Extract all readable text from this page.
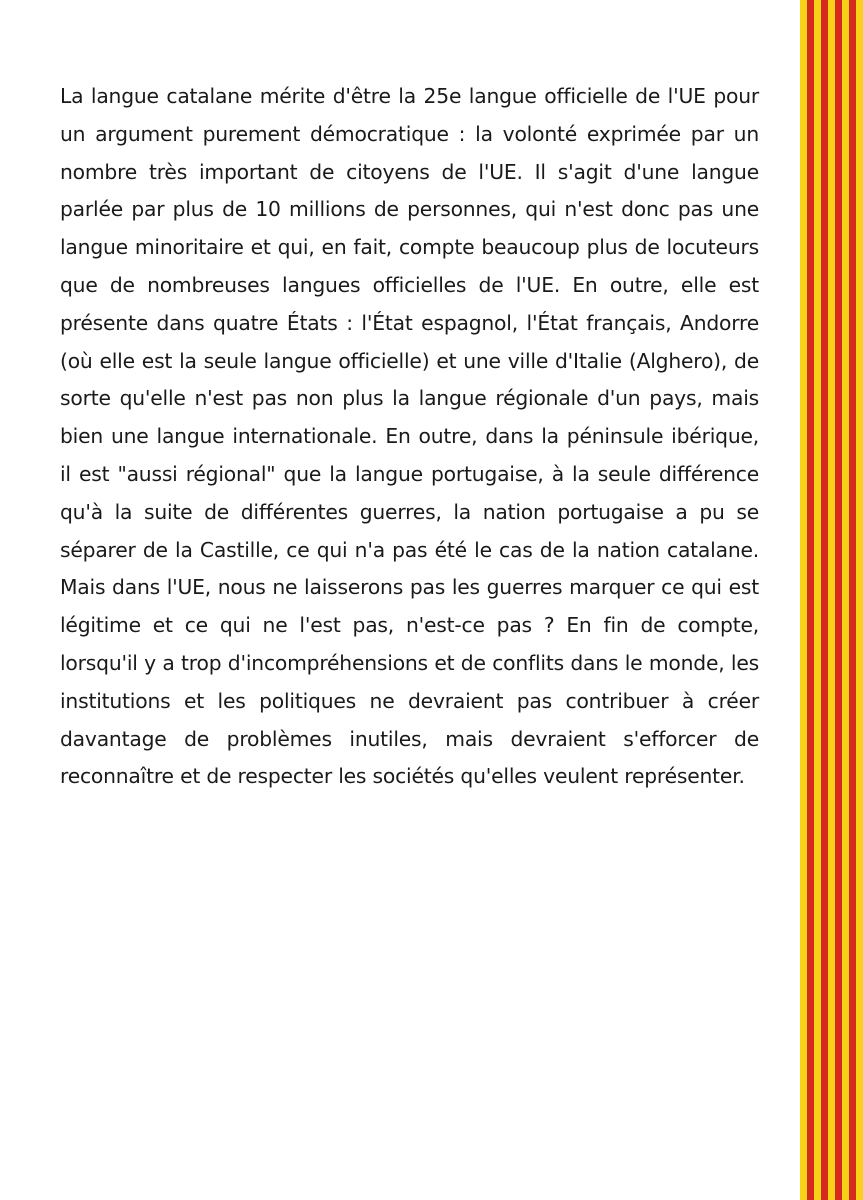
La langue catalane mérite d'être la 25e langue officielle de l'UE pour un argument purement démocratique : la volonté exprimée par un nombre très important de citoyens de l'UE. Il s'agit d'une langue parlée par plus de 10 millions de personnes, qui n'est donc pas une langue minoritaire et qui, en fait, compte beaucoup plus de locuteurs que de nombreuses langues officielles de l'UE. En outre, elle est présente dans quatre États : l'État espagnol, l'État français, Andorre (où elle est la seule langue officielle) et une ville d'Italie (Alghero), de sorte qu'elle n'est pas non plus la langue régionale d'un pays, mais bien une langue internationale. En outre, dans la péninsule ibérique, il est "aussi régional" que la langue portugaise, à la seule différence qu'à la suite de différentes guerres, la nation portugaise a pu se séparer de la Castille, ce qui n'a pas été le cas de la nation catalane. Mais dans l'UE, nous ne laisserons pas les guerres marquer ce qui est légitime et ce qui ne l'est pas, n'est-ce pas ? En fin de compte, lorsqu'il y a trop d'incompréhensions et de conflits dans le monde, les institutions et les politiques ne devraient pas contribuer à créer davantage de problèmes inutiles, mais devraient s'efforcer de reconnaître et de respecter les sociétés qu'elles veulent représenter.
